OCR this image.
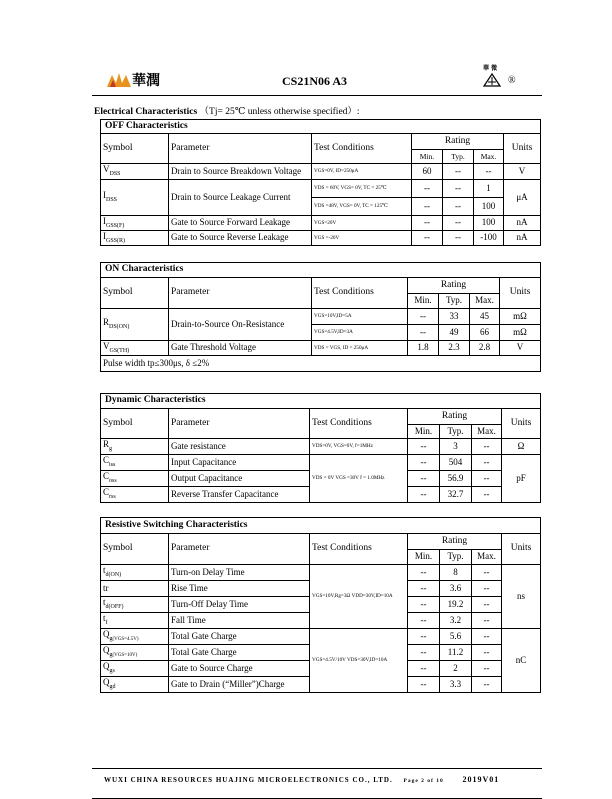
華潤	CS21N06 A3
華 微
®
Electrical Characteristics （Tj= 25℃ unless otherwise specified）:
OFF Characteristics						
Symbol	Parameter	Test Conditions	Rating			Units
			Min.	Typ.	Max.	
$V_{DSS}$	Drain to Source Breakdown Voltage	VGS=0V, ID=250μA	60	--	--	V
$I_{DSS}$	Drain to Source Leakage Current	VDS = 60V, VGS= 0V, TC = 25℃	--	--	1	μA
		VDS =48V, VGS= 0V, TC = 125℃	--	--	100	
$I_{GSS(F)}$	Gate to Source Forward Leakage	VGS=20V	--	--	100	nA
$I_{GSS(R)}$	Gate to Source Reverse Leakage	VGS =-20V	--	--	-100	nA
ON Characteristics						
Symbol	Parameter	Test Conditions	Rating			Units
			Min.	Typ.	Max.	
$R_{DS(ON)}$	Drain-to-Source On-Resistance	VGS=10V,ID=5A	--	33	45	mΩ
		VGS=4.5V,ID=3A	--	49	66	mΩ
$V_{GS(TH)}$	Gate Threshold Voltage	VDS = VGS, ID = 250μA	1.8	2.3	2.8	V
Pulse width tp≤300μs, δ ≤2%						
Dynamic Characteristics						
Symbol	Parameter	Test Conditions	Rating			Units
			Min.	Typ.	Max.	
$R_g$	Gate resistance	VDS=0V, VGS=0V, f=1MHz	--	3	--	Ω
$C_{iss}$	Input Capacitance	VDS = 0V VGS =30V f = 1.0MHz	--	504	--	pF
$C_{oss}$	Output Capacitance		--	56.9	--	
$C_{rss}$	Reverse Transfer Capacitance		--	32.7	--	
Resistive Switching Characteristics						
Symbol	Parameter	Test Conditions	Rating			Units
			Min.	Typ.	Max.	
$t_{d(ON)}$	Turn-on Delay Time	VGS=10V,Rg=3Ω VDD=30V,ID=10A	--	8	--	ns
tr	Rise Time		--	3.6	--	
$t_{d(OFF)}$	Turn-Off Delay Time		--	19.2	--	
$t_f$	Fall Time		--	3.2	--	
$Q_{g(VGS=4.5V)}$	Total Gate Charge	VGS=4.5V/10V VDS=30V,ID=10A	--	5.6	--	nC
$Q_{g(VGS=10V)}$	Total Gate Charge		--	11.2	--	
$Q_{gs}$	Gate to Source Charge		--	2	--	
$Q_{gd}$	Gate to Drain (“Miller”)Charge		--	3.3	--	
WUXI CHINA RESOURCES HUAJING MICROELECTRONICS CO., LTD. Page 2 of 10 2019V01
